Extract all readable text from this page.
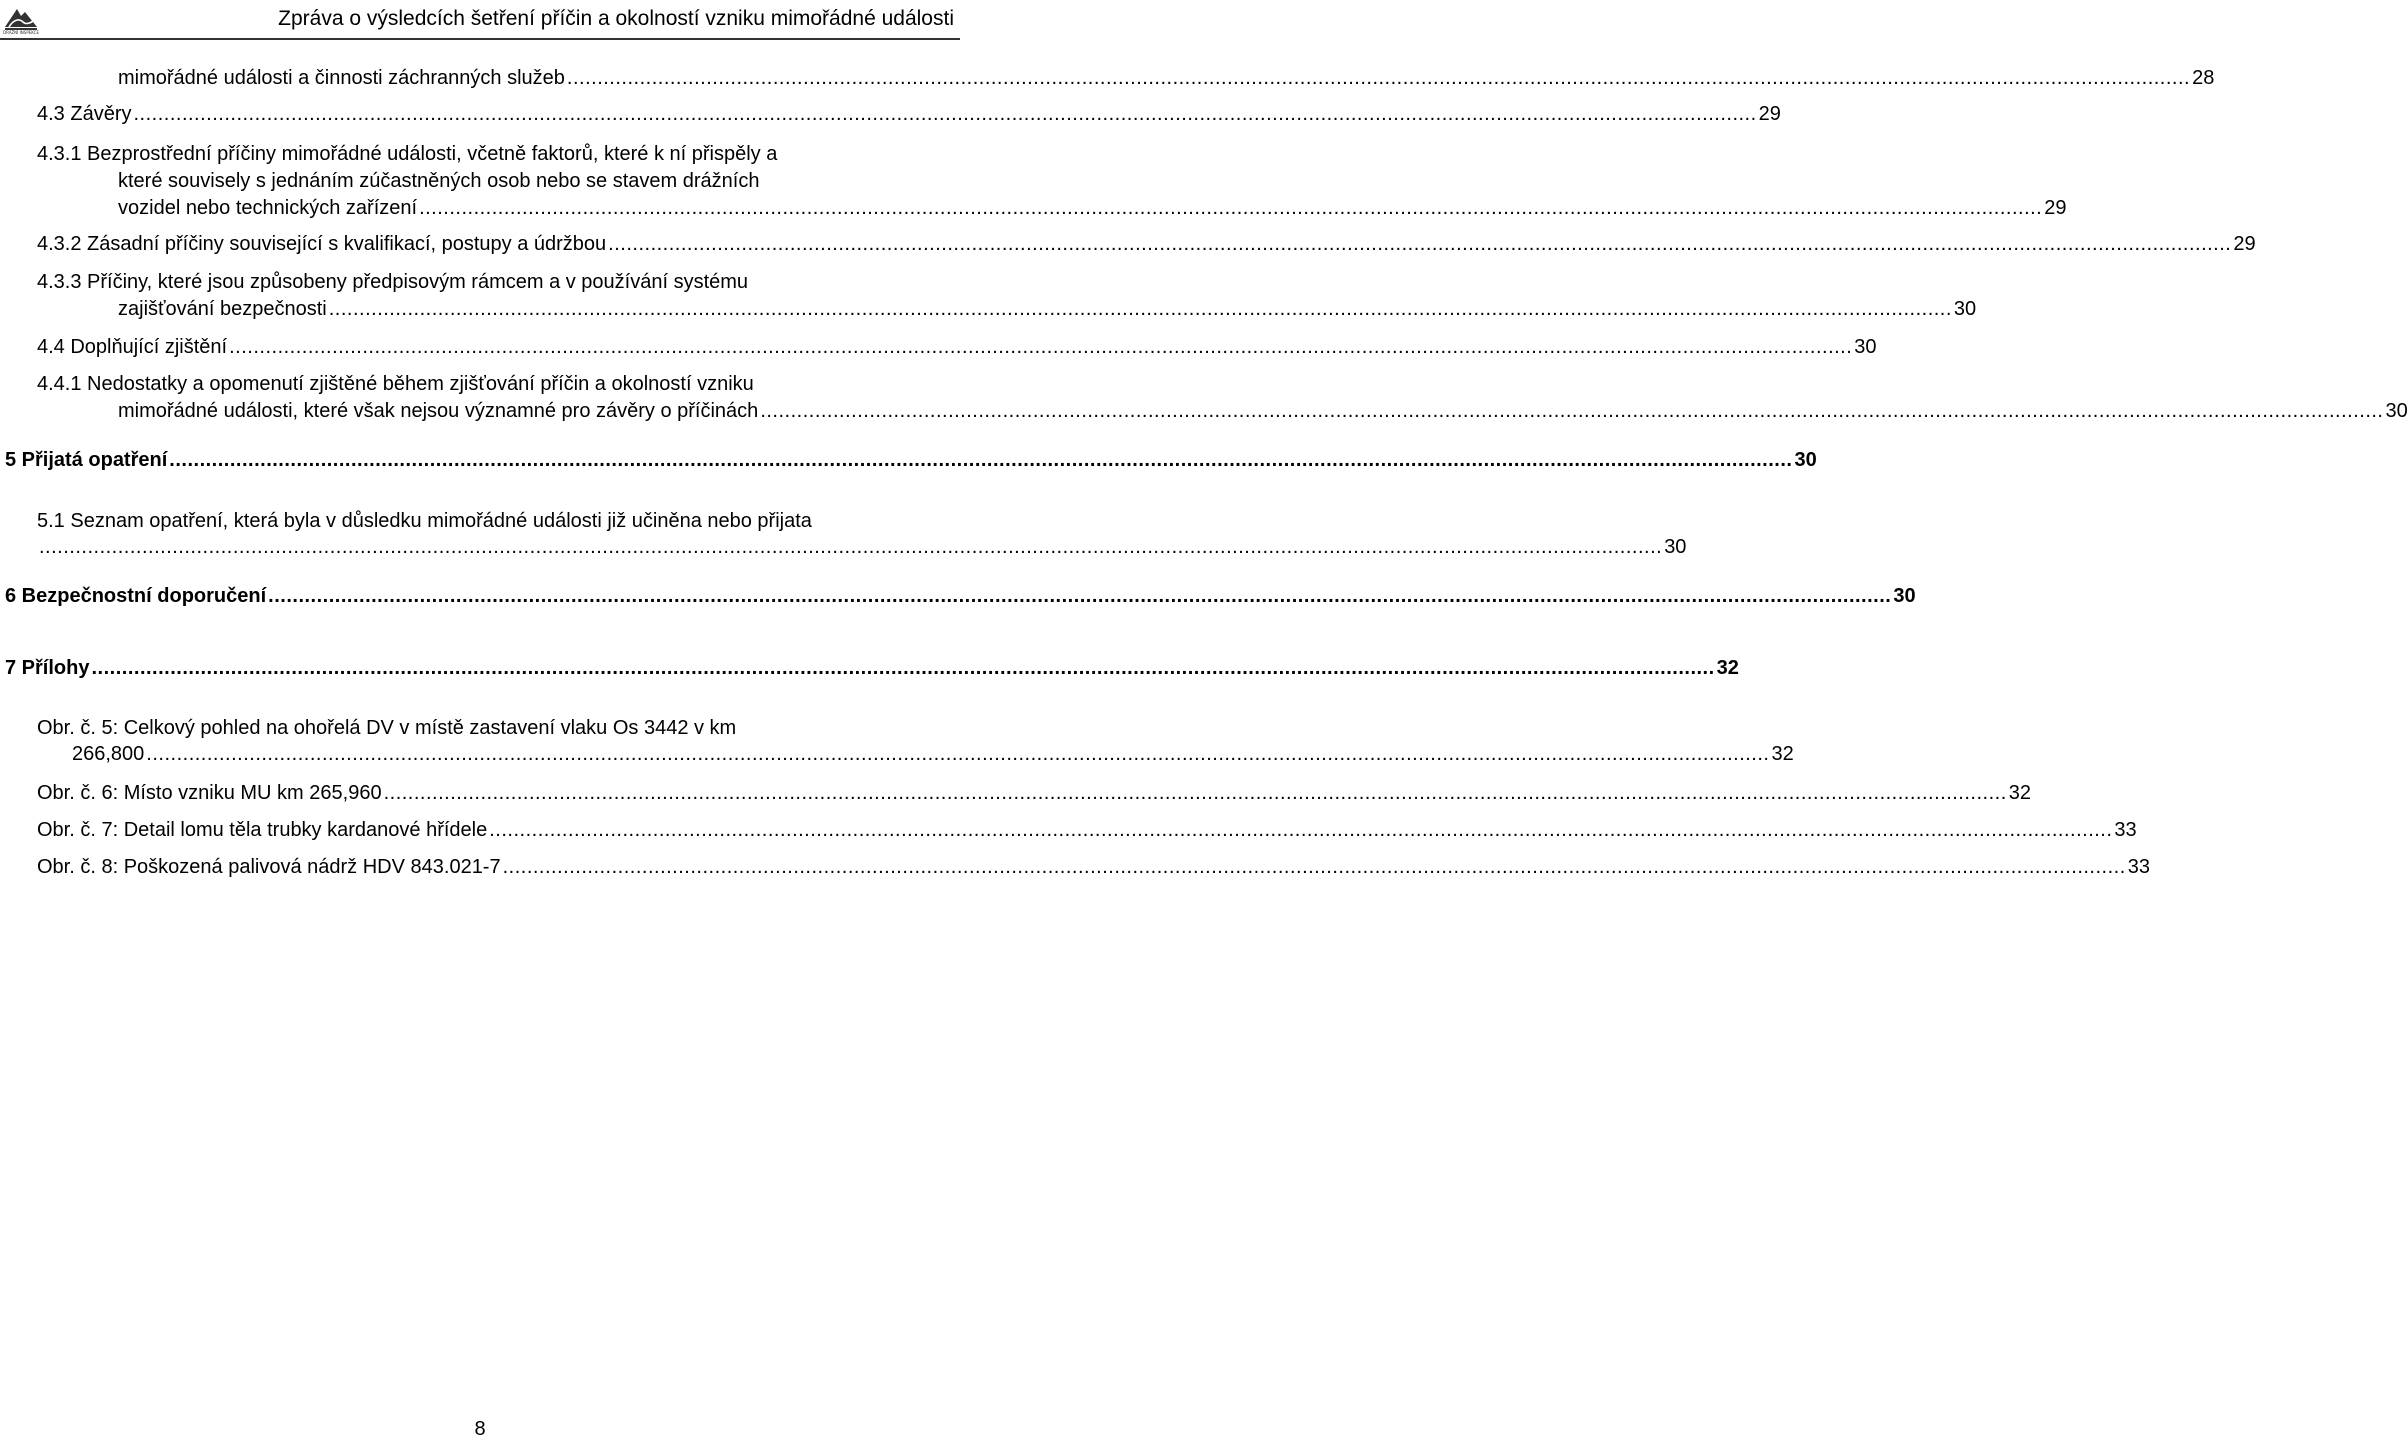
DRÁŽNÍ INSPEKCE
Zpráva o výsledcích šetření příčin a okolností vzniku mimořádné události
mimořádné události a činnosti záchranných služeb ............................................................................................................................................................................................................................................................................ 28
4.3 Závěry ............................................................................................................................................................................................................................................................................ 29
4.3.1 Bezprostřední příčiny mimořádné události, včetně faktorů, které k ní přispěly a
které souvisely s jednáním zúčastněných osob nebo se stavem drážních
vozidel nebo technických zařízení ............................................................................................................................................................................................................................................................................ 29
4.3.2 Zásadní příčiny související s kvalifikací, postupy a údržbou ............................................................................................................................................................................................................................................................................ 29
4.3.3 Příčiny, které jsou způsobeny předpisovým rámcem a v používání systému
zajišťování bezpečnosti ............................................................................................................................................................................................................................................................................ 30
4.4 Doplňující zjištění ............................................................................................................................................................................................................................................................................ 30
4.4.1 Nedostatky a opomenutí zjištěné během zjišťování příčin a okolností vzniku
mimořádné události, které však nejsou významné pro závěry o příčinách ............................................................................................................................................................................................................................................................................ 30
5 Přijatá opatření ............................................................................................................................................................................................................................................................................ 30
5.1 Seznam opatření, která byla v důsledku mimořádné události již učiněna nebo přijata
............................................................................................................................................................................................................................................................................ 30
6 Bezpečnostní doporučení ............................................................................................................................................................................................................................................................................ 30
7 Přílohy ............................................................................................................................................................................................................................................................................ 32
Obr. č. 5: Celkový pohled na ohořelá DV v místě zastavení vlaku Os 3442 v km
266,800 ............................................................................................................................................................................................................................................................................ 32
Obr. č. 6: Místo vzniku MU km 265,960 ............................................................................................................................................................................................................................................................................ 32
Obr. č. 7: Detail lomu těla trubky kardanové hřídele ............................................................................................................................................................................................................................................................................ 33
Obr. č. 8: Poškozená palivová nádrž HDV 843.021-7 ............................................................................................................................................................................................................................................................................ 33
8
